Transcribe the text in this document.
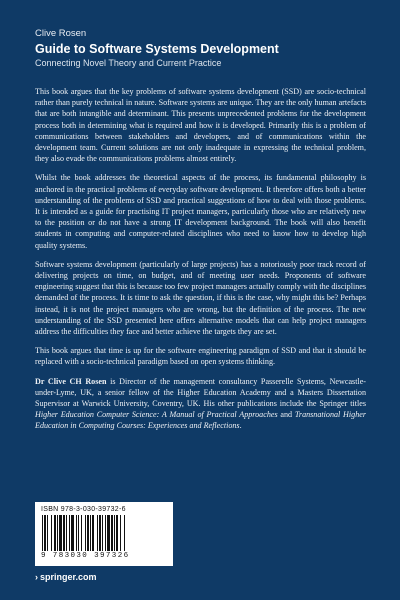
Clive Rosen
Guide to Software Systems Development
Connecting Novel Theory and Current Practice

This book argues that the key problems of software systems development (SSD) are socio-technical rather than purely technical in nature. Software systems are unique. They are the only human artefacts that are both intangible and determinant. This presents unprecedented problems for the development process both in determining what is required and how it is developed. Primarily this is a problem of communications between stakeholders and developers, and of communications within the development team. Current solutions are not only inadequate in expressing the technical problem, they also evade the communications problems almost entirely.

Whilst the book addresses the theoretical aspects of the process, its fundamental philosophy is anchored in the practical problems of everyday software development. It therefore offers both a better understanding of the problems of SSD and practical suggestions of how to deal with those problems. It is intended as a guide for practising IT project managers, particularly those who are relatively new to the position or do not have a strong IT development background. The book will also benefit students in computing and computer-related disciplines who need to know how to develop high quality systems.

Software systems development (particularly of large projects) has a notoriously poor track record of delivering projects on time, on budget, and of meeting user needs. Proponents of software engineering suggest that this is because too few project managers actually comply with the disciplines demanded of the process. It is time to ask the question, if this is the case, why might this be? Perhaps instead, it is not the project managers who are wrong, but the definition of the process. The new understanding of the SSD presented here offers alternative models that can help project managers address the difficulties they face and better achieve the targets they are set.

This book argues that time is up for the software engineering paradigm of SSD and that it should be replaced with a socio-technical paradigm based on open systems thinking.

Dr Clive CH Rosen is Director of the management consultancy Passerelle Systems, Newcastle-under-Lyme, UK, a senior fellow of the Higher Education Academy and a Masters Dissertation Supervisor at Warwick University, Coventry, UK. His other publications include the Springer titles Higher Education Computer Science: A Manual of Practical Approaches and Transnational Higher Education in Computing Courses: Experiences and Reflections.

ISBN 978-3-030-39732-6
9 783030 397326
› springer.com
